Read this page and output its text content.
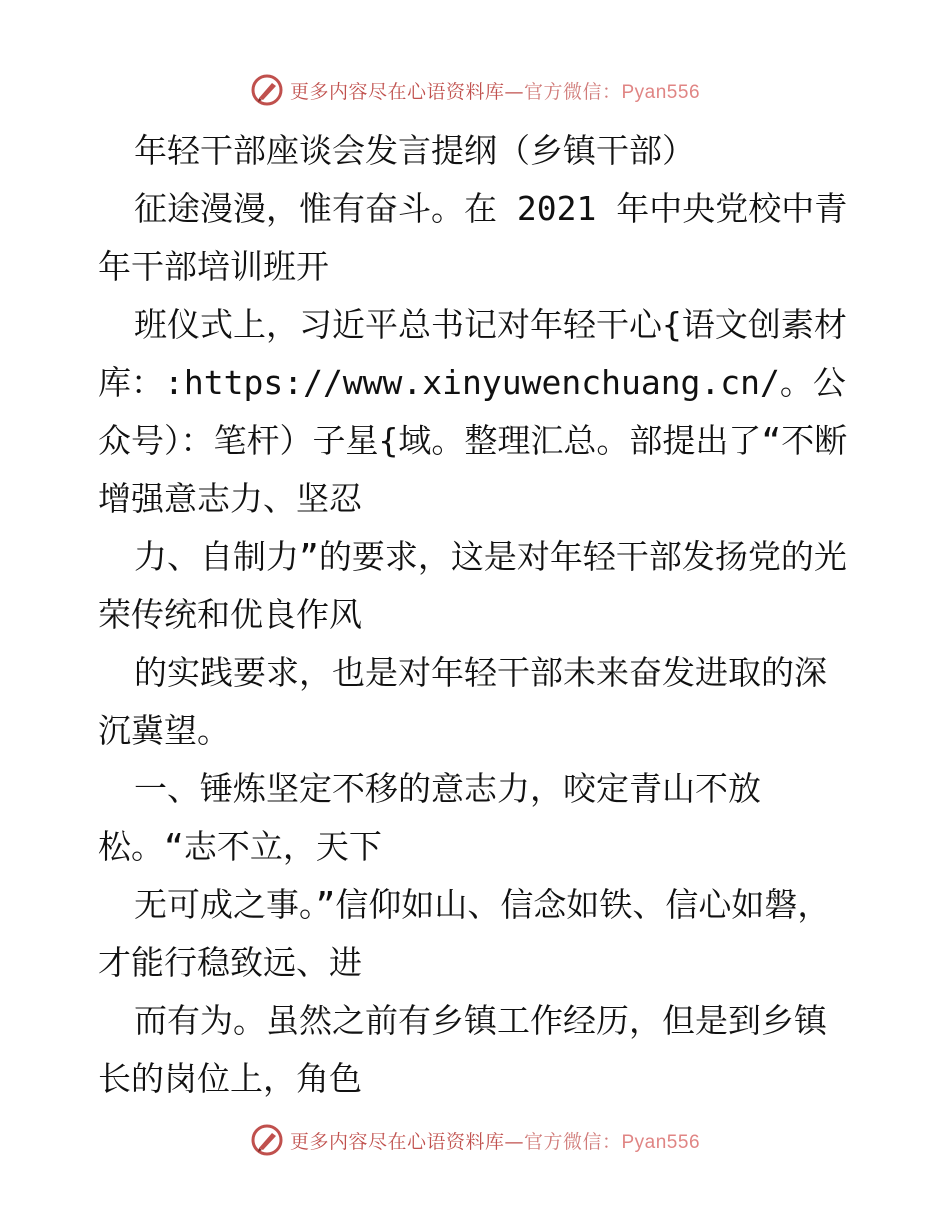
更多内容尽在心语资料库—官方微信：Pyan556

年轻干部座谈会发言提纲（乡镇干部）

征途漫漫，惟有奋斗。在 2021 年中央党校中青年干部培训班开

班仪式上，习近平总书记对年轻干心{语文创素材库：:https://www.xinyuwenchuang.cn/。公众号）：笔杆）子星{域。整理汇总。部提出了“不断增强意志力、坚忍

力、自制力”的要求，这是对年轻干部发扬党的光荣传统和优良作风

的实践要求，也是对年轻干部未来奋发进取的深沉冀望。

一、锤炼坚定不移的意志力，咬定青山不放松。“志不立，天下

无可成之事。”信仰如山、信念如铁、信心如磐，才能行稳致远、进

而有为。虽然之前有乡镇工作经历，但是到乡镇长的岗位上，角色

更多内容尽在心语资料库—官方微信：Pyan556
